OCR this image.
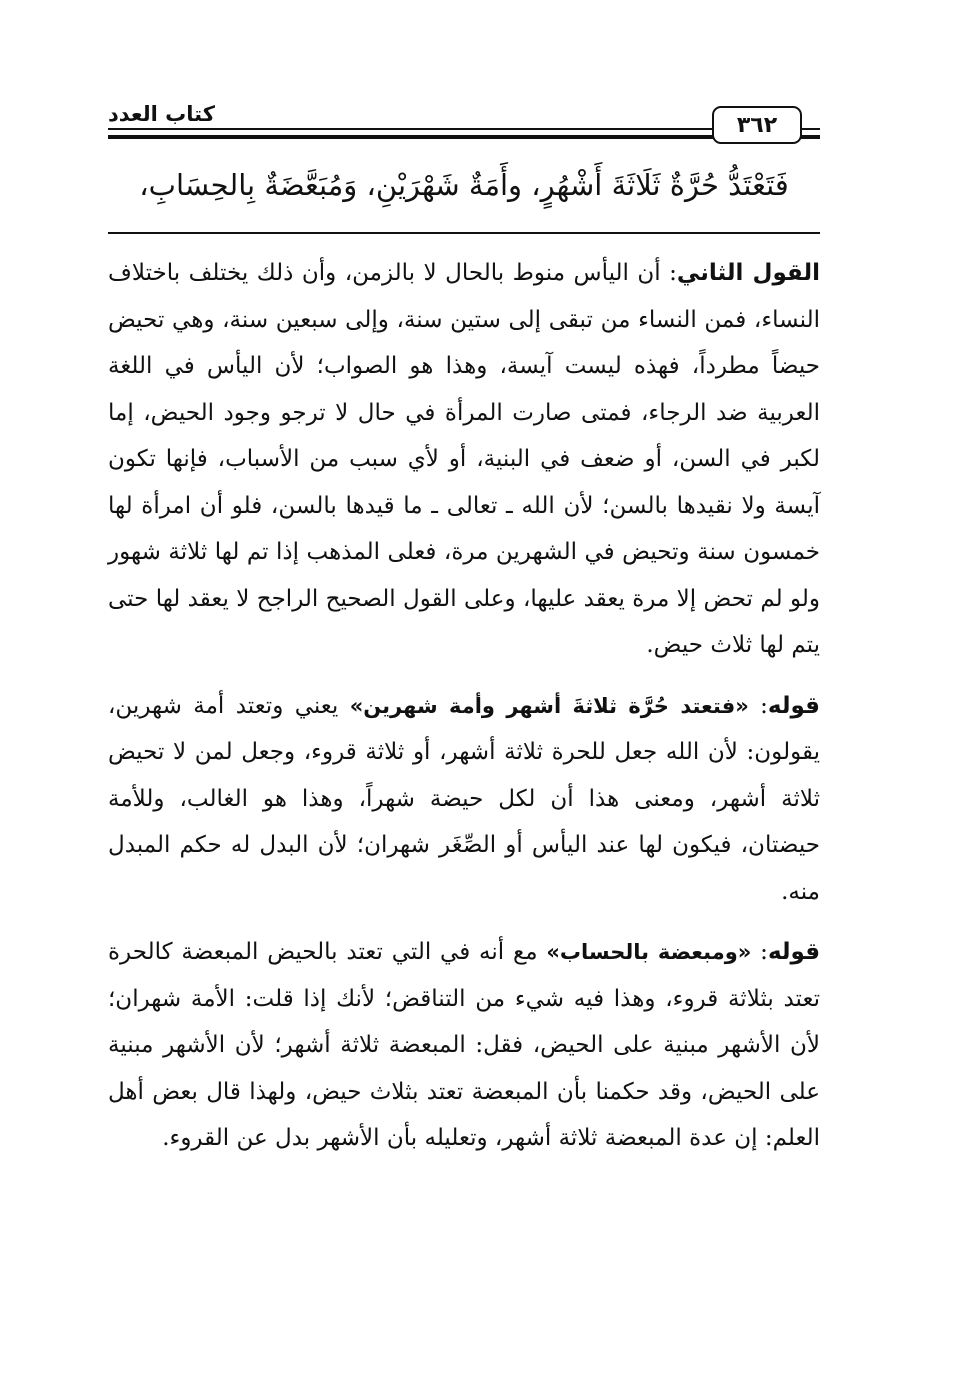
كتاب العدد	٣٦٢
فَتَعْتَدُّ حُرَّةٌ ثَلَاثَةَ أَشْهُرٍ، وأَمَةٌ شَهْرَيْنِ، وَمُبَعَّضَةٌ بِالحِسَابِ،

القول الثاني: أن اليأس منوط بالحال لا بالزمن، وأن ذلك يختلف باختلاف النساء، فمن النساء من تبقى إلى ستين سنة، وإلى سبعين سنة، وهي تحيض حيضاً مطرداً، فهذه ليست آيسة، وهذا هو الصواب؛ لأن اليأس في اللغة العربية ضد الرجاء، فمتى صارت المرأة في حال لا ترجو وجود الحيض، إما لكبر في السن، أو ضعف في البنية، أو لأي سبب من الأسباب، فإنها تكون آيسة ولا نقيدها بالسن؛ لأن الله ـ تعالى ـ ما قيدها بالسن، فلو أن امرأة لها خمسون سنة وتحيض في الشهرين مرة، فعلى المذهب إذا تم لها ثلاثة شهور ولو لم تحض إلا مرة يعقد عليها، وعلى القول الصحيح الراجح لا يعقد لها حتى يتم لها ثلاث حيض.

قوله: «فتعتد حُرَّة ثلاثةَ أشهر وأمة شهرين» يعني وتعتد أمة شهرين، يقولون: لأن الله جعل للحرة ثلاثة أشهر، أو ثلاثة قروء، وجعل لمن لا تحيض ثلاثة أشهر، ومعنى هذا أن لكل حيضة شهراً، وهذا هو الغالب، وللأمة حيضتان، فيكون لها عند اليأس أو الصِّغَر شهران؛ لأن البدل له حكم المبدل منه.

قوله: «ومبعضة بالحساب» مع أنه في التي تعتد بالحيض المبعضة كالحرة تعتد بثلاثة قروء، وهذا فيه شيء من التناقض؛ لأنك إذا قلت: الأمة شهران؛ لأن الأشهر مبنية على الحيض، فقل: المبعضة ثلاثة أشهر؛ لأن الأشهر مبنية على الحيض، وقد حكمنا بأن المبعضة تعتد بثلاث حيض، ولهذا قال بعض أهل العلم: إن عدة المبعضة ثلاثة أشهر، وتعليله بأن الأشهر بدل عن القروء.
